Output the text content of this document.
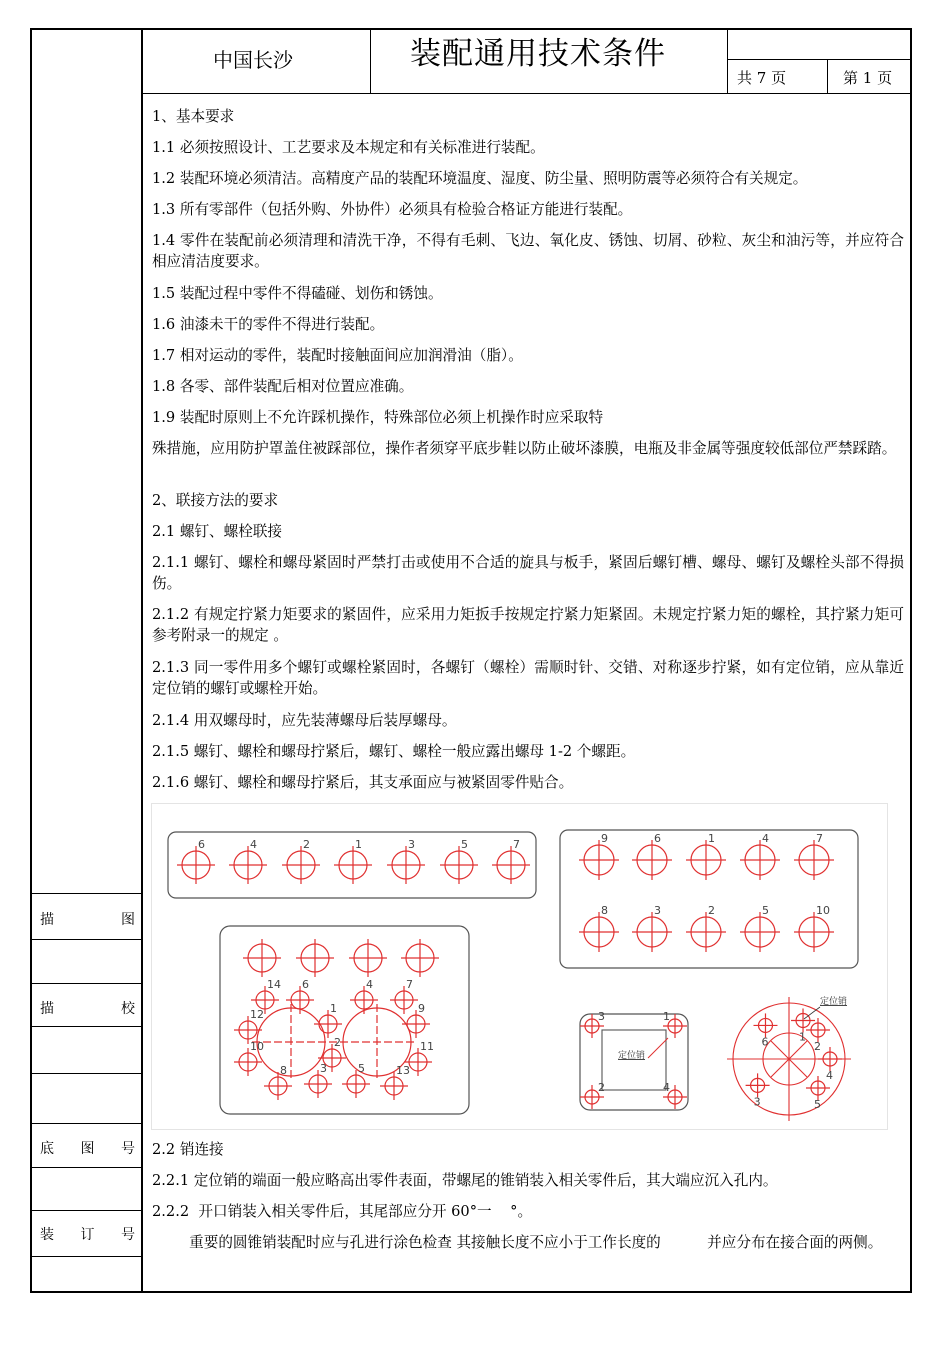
中国长沙	装配通用技术条件
共 7 页	第 1 页
描	图
描	校
底 图 号
装 订 号
1、基本要求
1.1 必须按照设计、工艺要求及本规定和有关标准进行装配。
1.2 装配环境必须清洁。高精度产品的装配环境温度、湿度、防尘量、照明防震等必须符合有关规定。
1.3 所有零部件（包括外购、外协件）必须具有检验合格证方能进行装配。
1.4 零件在装配前必须清理和清洗干净，不得有毛刺、飞边、氧化皮、锈蚀、切屑、砂粒、灰尘和油污等，并应符合相应清洁度要求。
1.5 装配过程中零件不得磕碰、划伤和锈蚀。
1.6 油漆未干的零件不得进行装配。
1.7 相对运动的零件，装配时接触面间应加润滑油（脂）。
1.8 各零、部件装配后相对位置应准确。
1.9 装配时原则上不允许踩机操作，特殊部位必须上机操作时应采取特
殊措施，应用防护罩盖住被踩部位，操作者须穿平底步鞋以防止破坏漆膜，电瓶及非金属等强度较低部位严禁踩踏。
2、联接方法的要求
2.1 螺钉、螺栓联接
2.1.1 螺钉、螺栓和螺母紧固时严禁打击或使用不合适的旋具与板手，紧固后螺钉槽、螺母、螺钉及螺栓头部不得损伤。
2.1.2 有规定拧紧力矩要求的紧固件，应采用力矩扳手按规定拧紧力矩紧固。未规定拧紧力矩的螺栓，其拧紧力矩可参考附录一的规定 。
2.1.3 同一零件用多个螺钉或螺栓紧固时，各螺钉（螺栓）需顺时针、交错、对称逐步拧紧，如有定位销，应从靠近定位销的螺钉或螺栓开始。
2.1.4 用双螺母时，应先装薄螺母后装厚螺母。
2.1.5 螺钉、螺栓和螺母拧紧后，螺钉、螺栓一般应露出螺母 1-2 个螺距。
2.1.6 螺钉、螺栓和螺母拧紧后，其支承面应与被紧固零件贴合。
2.2 销连接
2.2.1 定位销的端面一般应略高出零件表面，带螺尾的锥销装入相关零件后，其大端应沉入孔内。
2.2.2  开口销装入相关零件后，其尾部应分开 60°一    °。
重要的圆锥销装配时应与孔进行涂色检查 其接触长度不应小于工作长度的          并应分布在接合面的两侧。
6	4	2	1	3	5	7	9	6	1	4	7
8	3	2	5	10
14 6	4	7
12	1	9
2
10
8	3	5	13
11
3	1
2	4
定位销
1
6	2
4
3	5
定位销
